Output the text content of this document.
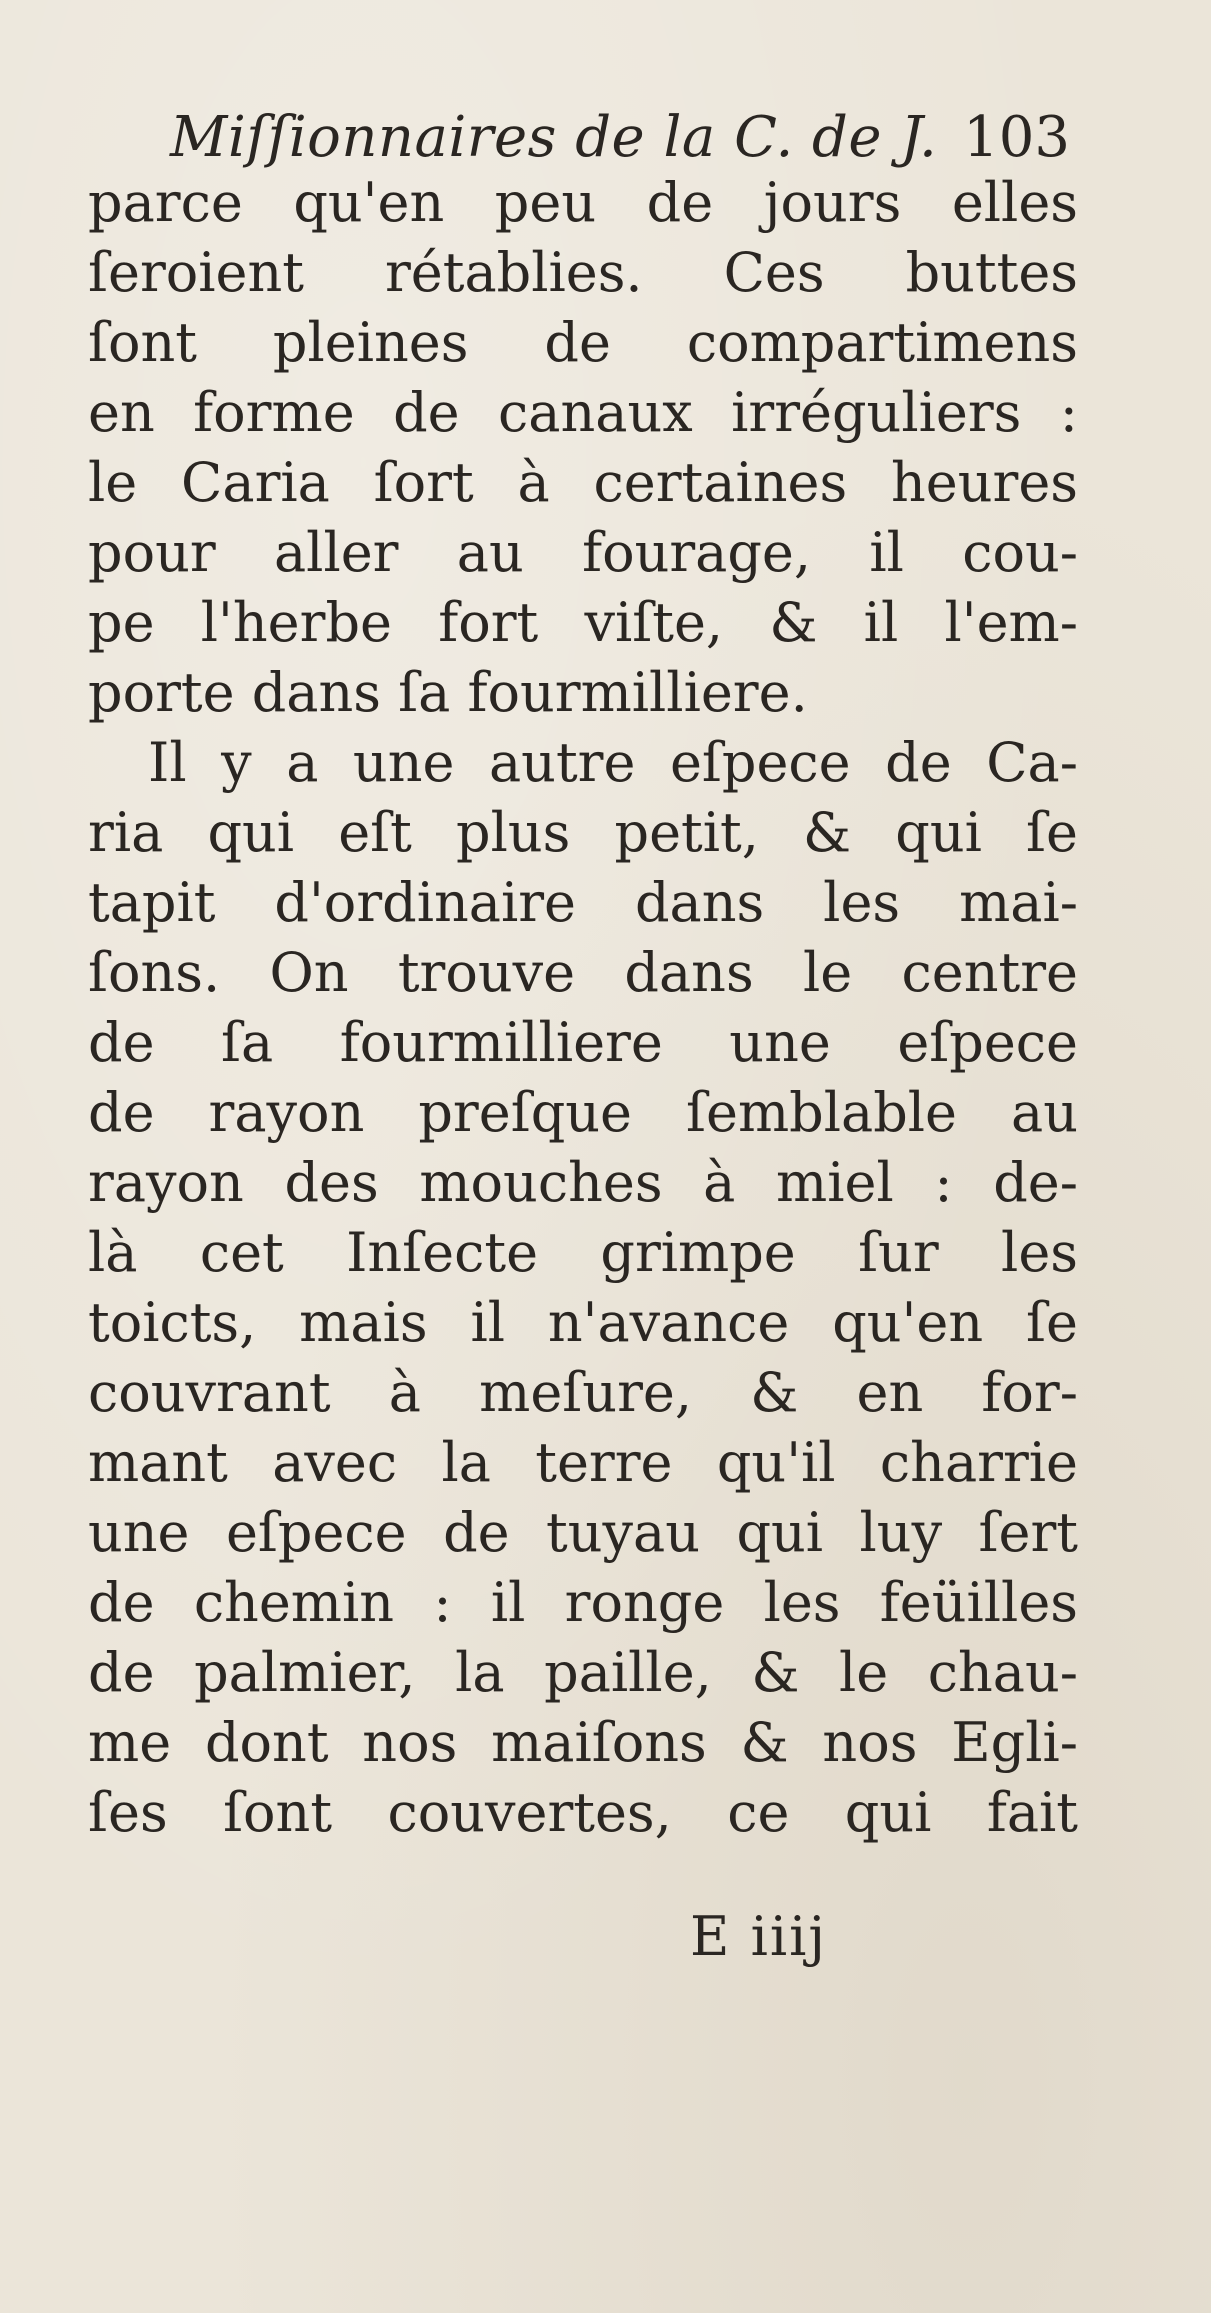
Miſſionnaires de la C. de J. 103
parce qu'en peu de jours elles
ſeroient rétablies. Ces buttes
ſont pleines de compartimens
en forme de canaux irréguliers :
le Caria ſort à certaines heures
pour aller au fourage, il cou-
pe l'herbe fort viſte, & il l'em-
porte dans ſa fourmilliere.
Il y a une autre eſpece de Ca-
ria qui eſt plus petit, & qui ſe
tapit d'ordinaire dans les mai-
ſons. On trouve dans le centre
de ſa fourmilliere une eſpece
de rayon preſque ſemblable au
rayon des mouches à miel : de-
là cet Inſecte grimpe ſur les
toicts, mais il n'avance qu'en ſe
couvrant à meſure, & en for-
mant avec la terre qu'il charrie
une eſpece de tuyau qui luy ſert
de chemin : il ronge les feüilles
de palmier, la paille, & le chau-
me dont nos maiſons & nos Egli-
ſes ſont couvertes, ce qui fait
E iiij
